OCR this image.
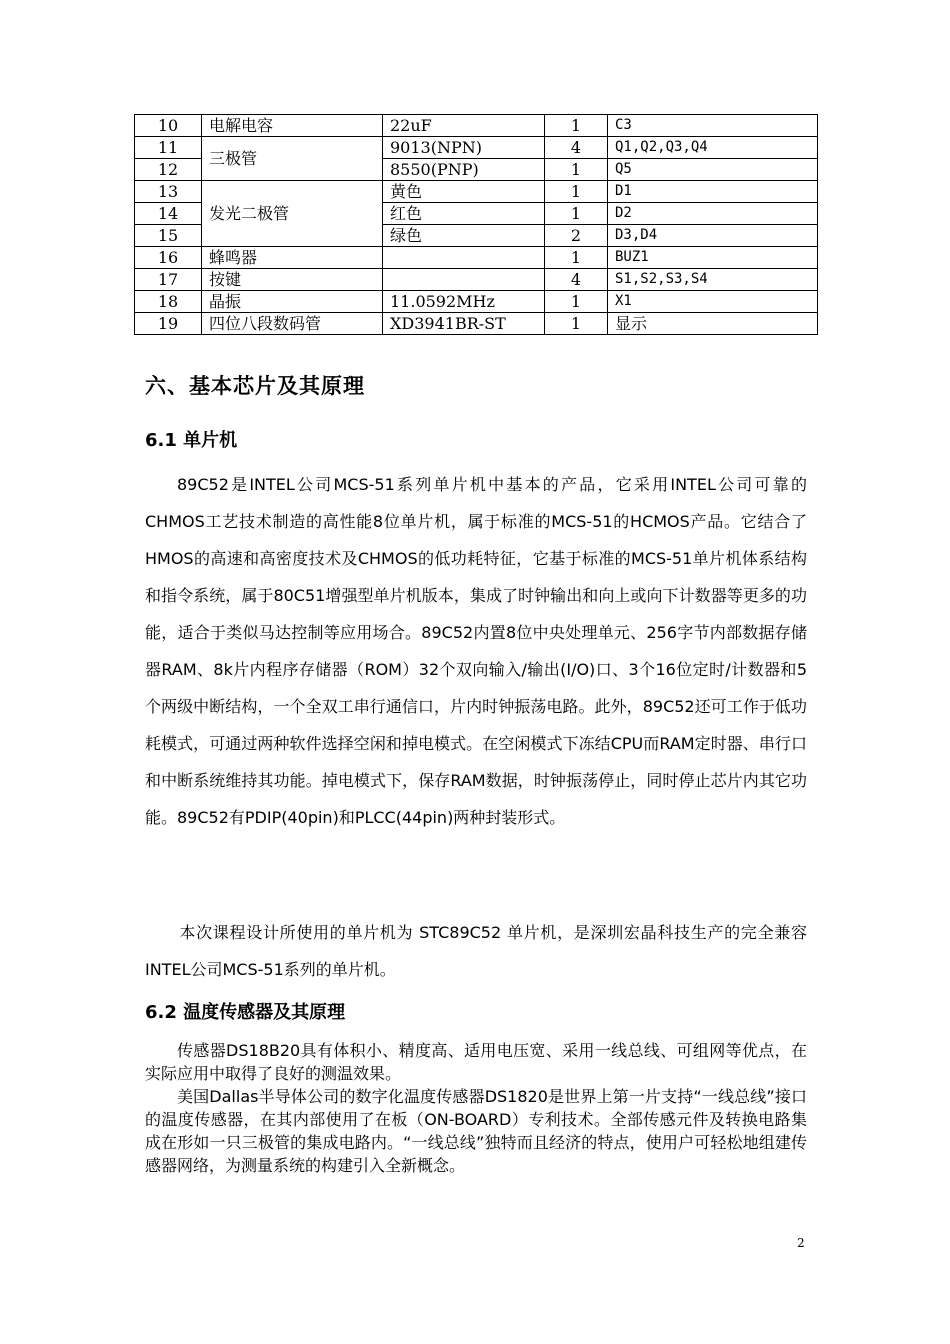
10	电解电容	22uF	1	C3
11	三极管	9013(NPN)	4	Q1,Q2,Q3,Q4
12		8550(PNP)	1	Q5
13	发光二极管	黄色	1	D1
14		红色	1	D2
15		绿色	2	D3,D4
16	蜂鸣器		1	BUZ1
17	按键		4	S1,S2,S3,S4
18	晶振	11.0592MHz	1	X1
19	四位八段数码管	XD3941BR-ST	1	显示
六、基本芯片及其原理
6.1 单片机

89C52是INTEL公司MCS-51系列单片机中基本的产品，它采用INTEL公司可靠的CHMOS工艺技术制造的高性能8位单片机，属于标准的MCS-51的HCMOS产品。它结合了HMOS的高速和高密度技术及CHMOS的低功耗特征，它基于标准的MCS-51单片机体系结构和指令系统，属于80C51增强型单片机版本，集成了时钟输出和向上或向下计数器等更多的功能，适合于类似马达控制等应用场合。89C52内置8位中央处理单元、256字节内部数据存储器RAM、8k片内程序存储器（ROM）32个双向输入/输出(I/O)口、3个16位定时/计数器和5个两级中断结构，一个全双工串行通信口，片内时钟振荡电路。此外，89C52还可工作于低功耗模式，可通过两种软件选择空闲和掉电模式。在空闲模式下冻结CPU而RAM定时器、串行口和中断系统维持其功能。掉电模式下，保存RAM数据，时钟振荡停止，同时停止芯片内其它功能。89C52有PDIP(40pin)和PLCC(44pin)两种封装形式。

本次课程设计所使用的单片机为 STC89C52 单片机，是深圳宏晶科技生产的完全兼容INTEL公司MCS-51系列的单片机。

6.2 温度传感器及其原理

传感器DS18B20具有体积小、精度高、适用电压宽、采用一线总线、可组网等优点，在实际应用中取得了良好的测温效果。

美国Dallas半导体公司的数字化温度传感器DS1820是世界上第一片支持“一线总线”接口的温度传感器，在其内部使用了在板（ON-BOARD）专利技术。全部传感元件及转换电路集成在形如一只三极管的集成电路内。“一线总线”独特而且经济的特点，使用户可轻松地组建传感器网络，为测量系统的构建引入全新概念。

2
